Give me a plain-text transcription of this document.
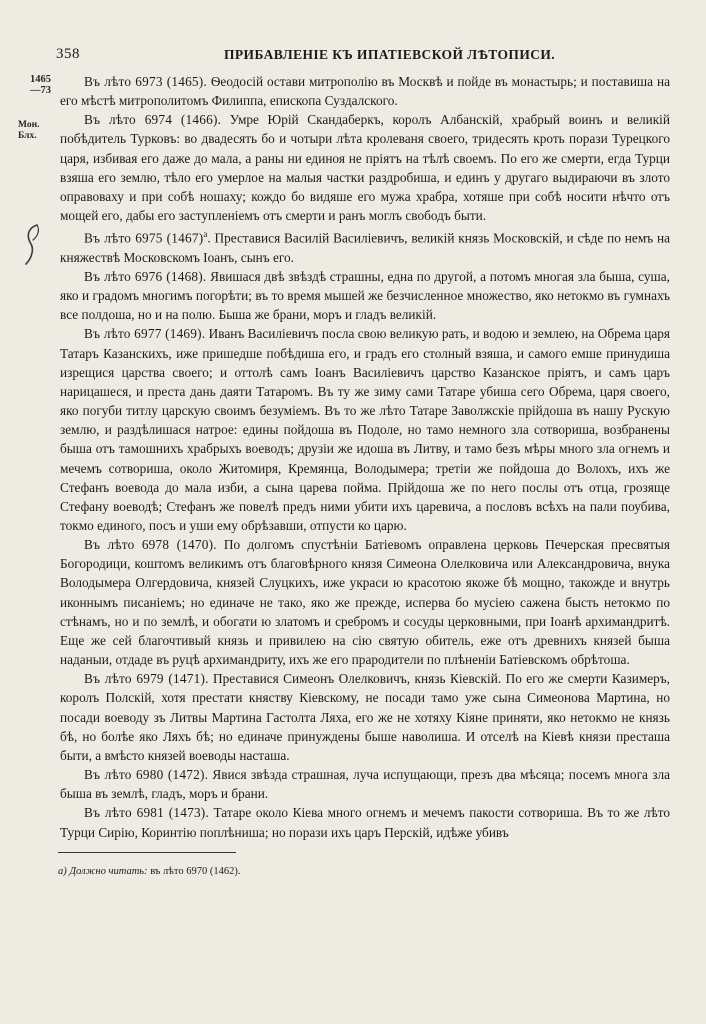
358	ПРИБАВЛЕНІЕ КЪ ИПАТІЕВСКОЙ ЛѢТОПИСИ.
1465
—73
Мон.
Блх.

Въ лѣто 6973 (1465). Ѳеодосій остави митрополію въ Москвѣ и пойде въ монастырь; и поставиша на его мѣстѣ митрополитомъ Филиппа, епископа Суздалского.

Въ лѣто 6974 (1466). Умре Юрій Скандаберкъ, королъ Албанскій, храбрый воинъ и великій побѣдитель Турковъ: во двадесять бо и чотыри лѣта кролеваня своего, тридесять кроть порази Турецкого царя, избивая его даже до мала, а раны ни единоя не пріятъ на тѣлѣ своемъ. По его же смерти, егда Турци взяша его землю, тѣло его умерлое на малыя частки раздробиша, и единъ у другаго выдираючи въ злото оправоваху и при собѣ ношаху; кождо бо видяше его мужа храбра, хотяше при собѣ носити нѣчто отъ мощей его, дабы его заступленіемъ отъ смерти и ранъ моглъ свободъ быти.

Въ лѣто 6975 $(1467)^а$. Преставися Василій Василіевичъ, великій князь Московскій, и сѣде по немъ на княжествѣ Московскомъ Іоанъ, сынъ его.

Въ лѣто 6976 (1468). Явишася двѣ звѣздѣ страшны, една по другой, а потомъ многая зла быша, суша, яко и градомъ многимъ погорѣти; въ то время мышей же безчисленное множество, яко нетокмо въ гумнахъ все полдоша, но и на полю. Быша же брани, моръ и гладъ великій.

Въ лѣто 6977 (1469). Иванъ Василіевичъ посла свою великую рать, и водою и землею, на Обрема царя Татаръ Казанскихъ, иже пришедше побѣдиша его, и градъ его столный взяша, и самого емше принудиша изрещися царства своего; и оттолѣ самъ Іоанъ Василіевичъ царство Казанское пріятъ, и самъ царъ нарицашеся, и преста дань даяти Татаромъ. Въ ту же зиму сами Татаре убиша сего Обрема, царя своего, яко погуби титлу царскую своимъ безуміемъ. Въ то же лѣто Татаре Заволжскіе прійдоша въ нашу Рускую землю, и раздѣлишася натрое: едины пойдоша въ Подоле, но тамо немного зла сотвориша, возбранены быша отъ тамошнихъ храбрыхъ воеводъ; друзіи же идоша въ Литву, и тамо безъ мѣры много зла огнемъ и мечемъ сотвориша, около Житомиря, Кремянца, Володымера; третіи же пойдоша до Волохъ, ихъ же Стефанъ воевода до мала изби, а сына царева пойма. Прійдоша же по него послы отъ отца, грозяще Стефану воеводѣ; Стефанъ же повелѣ предъ ними убити ихъ царевича, а пословъ всѣхъ на пали поубива, токмо единого, посъ и уши ему обрѣзавши, отпусти ко царю.

Въ лѣто 6978 (1470). По долгомъ спустѣніи Батіевомъ оправлена церковь Печерская пресвятыя Богородици, коштомъ великимъ отъ благовѣрного князя Симеона Олелковича или Александровича, внука Володымера Олгердовича, князей Слуцкихъ, иже украси ю красотою якоже бѣ мощно, такожде и внутрь иконнымъ писаніемъ; но единаче не тако, яко же прежде, исперва бо мусіею сажена бысть нетокмо по стѣнамъ, но и по землѣ, и обогати ю златомъ и сребромъ и сосуды церковными, при Іоанѣ архимандритѣ. Еще же сей благочтивый князь и привилею на сію святую обитель, еже отъ древнихъ князей быша наданыи, отдаде въ руцѣ архимандриту, ихъ же его прародители по плѣненіи Батіевскомъ обрѣтоша.

Въ лѣто 6979 (1471). Преставися Симеонъ Олелковичъ, князь Кіевскій. По его же смерти Казимеръ, королъ Полскій, хотя престати княству Кіевскому, не посади тамо уже сына Симеонова Мартина, но посади воеводу зъ Литвы Мартина Гастолта Ляха, его же не хотяху Кіяне приняти, яко нетокмо не князь бѣ, но болѣе яко Ляхъ бѣ; но единаче принуждены быше наволиша. И отселѣ на Кіевѣ князи престаша быти, а вмѣсто князей воеводы насташа.

Въ лѣто 6980 (1472). Явися звѣзда страшная, луча испущающи, презъ два мѣсяца; посемъ многа зла быша въ землѣ, гладъ, моръ и брани.

Въ лѣто 6981 (1473). Татаре около Кіева много огнемъ и мечемъ пакости сотвориша. Въ то же лѣто Турци Сирію, Коринтію поплѣниша; но порази ихъ царъ Перскій, идѣже убивъ

а) Должно читать: въ лѣто 6970 (1462).
